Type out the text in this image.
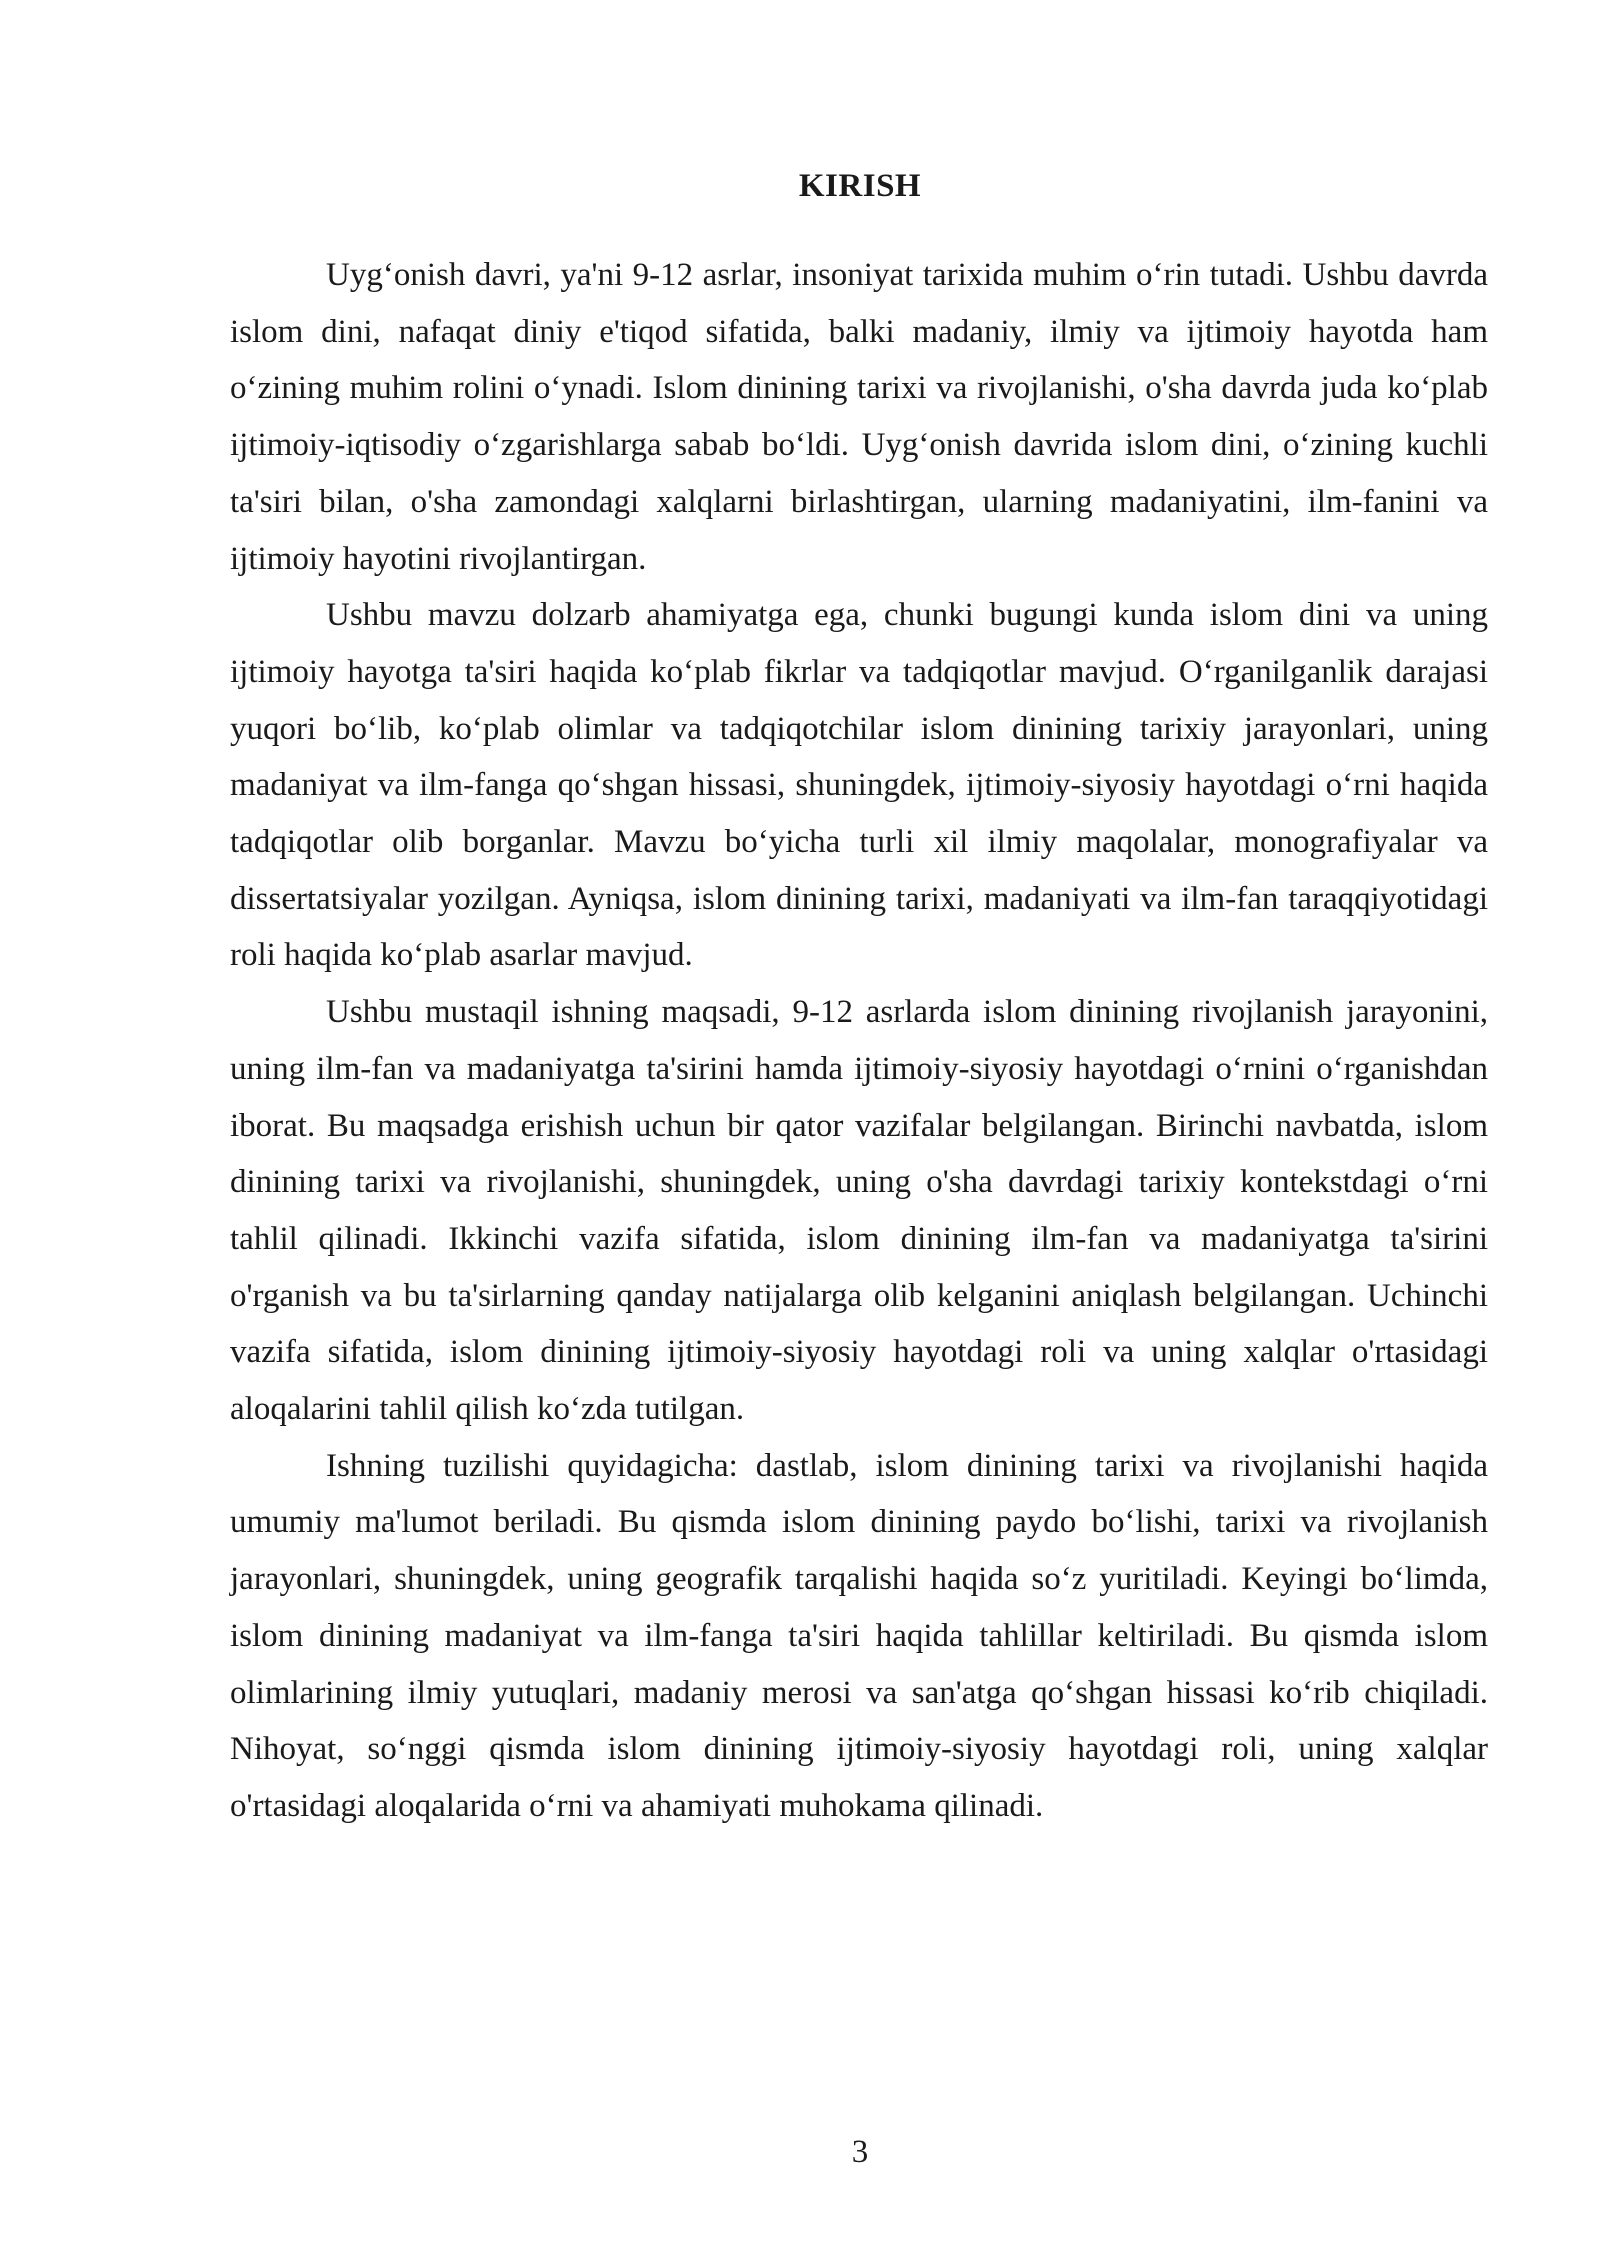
KIRISH

Uyg‘onish davri, ya'ni 9-12 asrlar, insoniyat tarixida muhim o‘rin tutadi. Ushbu davrda islom dini, nafaqat diniy e'tiqod sifatida, balki madaniy, ilmiy va ijtimoiy hayotda ham o‘zining muhim rolini o‘ynadi. Islom dinining tarixi va rivojlanishi, o'sha davrda juda ko‘plab ijtimoiy-iqtisodiy o‘zgarishlarga sabab bo‘ldi. Uyg‘onish davrida islom dini, o‘zining kuchli ta'siri bilan, o'sha zamondagi xalqlarni birlashtirgan, ularning madaniyatini, ilm-fanini va ijtimoiy hayotini rivojlantirgan.

Ushbu mavzu dolzarb ahamiyatga ega, chunki bugungi kunda islom dini va uning ijtimoiy hayotga ta'siri haqida ko‘plab fikrlar va tadqiqotlar mavjud. O‘rganilganlik darajasi yuqori bo‘lib, ko‘plab olimlar va tadqiqotchilar islom dinining tarixiy jarayonlari, uning madaniyat va ilm-fanga qo‘shgan hissasi, shuningdek, ijtimoiy-siyosiy hayotdagi o‘rni haqida tadqiqotlar olib borganlar. Mavzu bo‘yicha turli xil ilmiy maqolalar, monografiyalar va dissertatsiyalar yozilgan. Ayniqsa, islom dinining tarixi, madaniyati va ilm-fan taraqqiyotidagi roli haqida ko‘plab asarlar mavjud.

Ushbu mustaqil ishning maqsadi, 9-12 asrlarda islom dinining rivojlanish jarayonini, uning ilm-fan va madaniyatga ta'sirini hamda ijtimoiy-siyosiy hayotdagi o‘rnini o‘rganishdan iborat. Bu maqsadga erishish uchun bir qator vazifalar belgilangan. Birinchi navbatda, islom dinining tarixi va rivojlanishi, shuningdek, uning o'sha davrdagi tarixiy kontekstdagi o‘rni tahlil qilinadi. Ikkinchi vazifa sifatida, islom dinining ilm-fan va madaniyatga ta'sirini o'rganish va bu ta'sirlarning qanday natijalarga olib kelganini aniqlash belgilangan. Uchinchi vazifa sifatida, islom dinining ijtimoiy-siyosiy hayotdagi roli va uning xalqlar o'rtasidagi aloqalarini tahlil qilish ko‘zda tutilgan.

Ishning tuzilishi quyidagicha: dastlab, islom dinining tarixi va rivojlanishi haqida umumiy ma'lumot beriladi. Bu qismda islom dinining paydo bo‘lishi, tarixi va rivojlanish jarayonlari, shuningdek, uning geografik tarqalishi haqida so‘z yuritiladi. Keyingi bo‘limda, islom dinining madaniyat va ilm-fanga ta'siri haqida tahlillar keltiriladi. Bu qismda islom olimlarining ilmiy yutuqlari, madaniy merosi va san'atga qo‘shgan hissasi ko‘rib chiqiladi. Nihoyat, so‘nggi qismda islom dinining ijtimoiy-siyosiy hayotdagi roli, uning xalqlar o'rtasidagi aloqalarida o‘rni va ahamiyati muhokama qilinadi.

3
